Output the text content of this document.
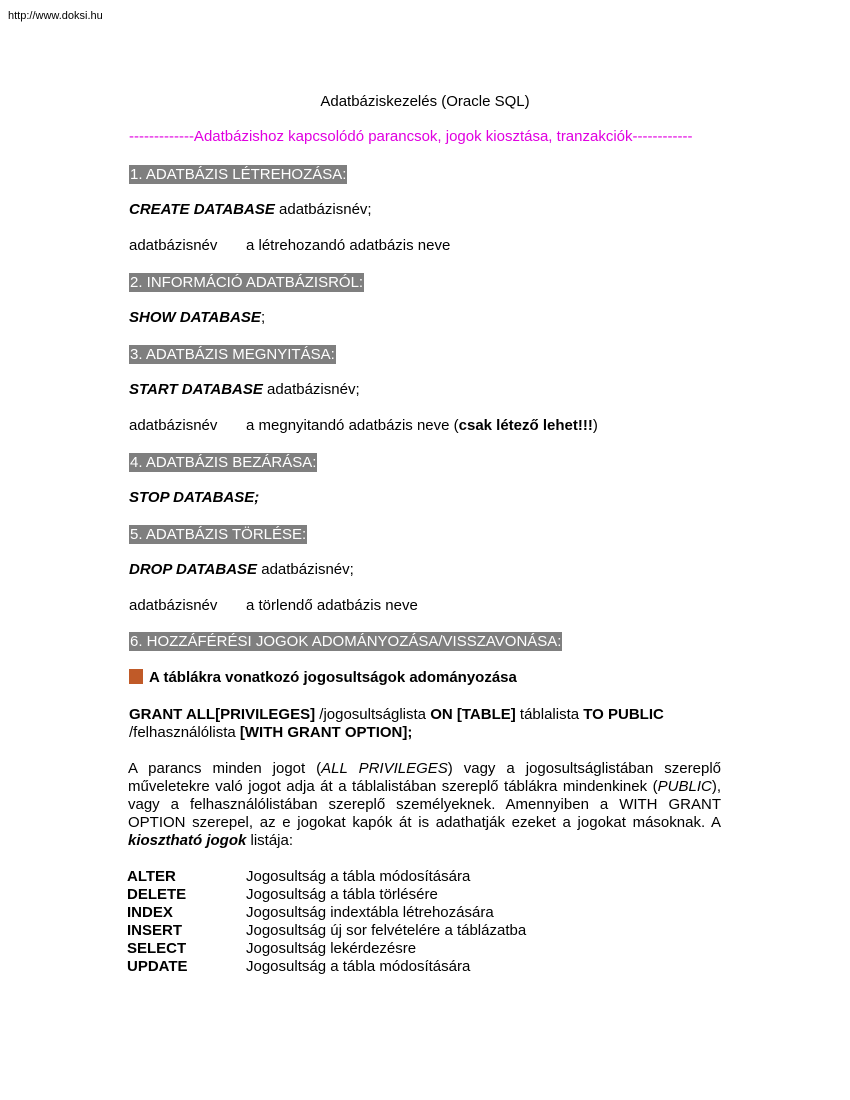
http://www.doksi.hu
Adatbáziskezelés (Oracle SQL)
-------------Adatbázishoz kapcsolódó parancsok, jogok kiosztása, tranzakciók------------
1. ADATBÁZIS LÉTREHOZÁSA:
CREATE DATABASE adatbázisnév;
adatbázisnév a létrehozandó adatbázis neve
2. INFORMÁCIÓ ADATBÁZISRÓL:
SHOW DATABASE;
3. ADATBÁZIS MEGNYITÁSA:
START DATABASE adatbázisnév;
adatbázisnév a megnyitandó adatbázis neve (csak létező lehet!!!)
4. ADATBÁZIS BEZÁRÁSA:
STOP DATABASE;
5. ADATBÁZIS TÖRLÉSE:
DROP DATABASE adatbázisnév;
adatbázisnév a törlendő adatbázis neve
6. HOZZÁFÉRÉSI JOGOK ADOMÁNYOZÁSA/VISSZAVONÁSA:
A táblákra vonatkozó jogosultságok adományozása
GRANT ALL[PRIVILEGES] /jogosultságlista ON [TABLE] táblalista TO PUBLIC
/felhasználólista [WITH GRANT OPTION];
A parancs minden jogot (ALL PRIVILEGES) vagy a jogosultságlistában szereplő műveletekre való jogot adja át a táblalistában szereplő táblákra mindenkinek (PUBLIC), vagy a felhasználólistában szereplő személyeknek. Amennyiben a WITH GRANT OPTION szerepel, az e jogokat kapók át is adathatják ezeket a jogokat másoknak. A kiosztható jogok listája:
ALTER	Jogosultság a tábla módosítására
DELETE	Jogosultság a tábla törlésére
INDEX	Jogosultság indextábla létrehozására
INSERT	Jogosultság új sor felvételére a táblázatba
SELECT	Jogosultság lekérdezésre
UPDATE	Jogosultság a tábla módosítására
